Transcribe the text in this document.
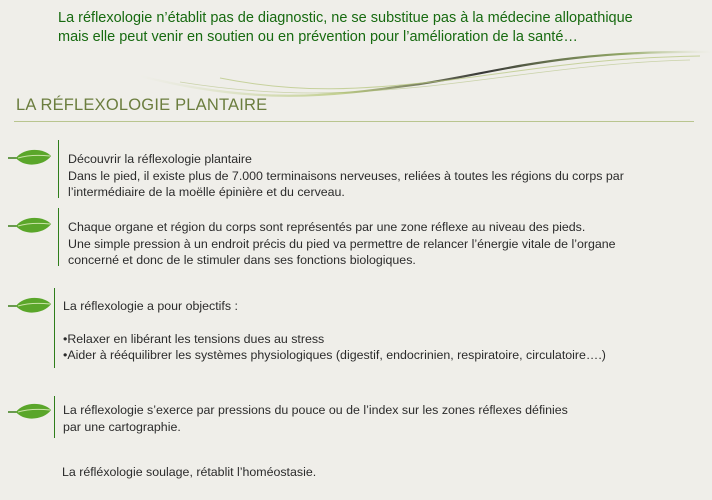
La réflexologie n’établit pas de diagnostic, ne se substitue pas à la médecine allopathique
mais elle peut venir en soutien ou en prévention pour l’amélioration de la santé…
LA RÉFLEXOLOGIE PLANTAIRE
Découvrir la réflexologie plantaire
Dans le pied, il existe plus de 7.000 terminaisons nerveuses, reliées à toutes les régions du corps par
l’intermédiaire de la moëlle épinière et du cerveau.
Chaque organe et région du corps sont représentés par une zone réflexe au niveau des pieds.
Une simple pression à un endroit précis du pied va permettre de relancer l’énergie vitale de l’organe
concerné et donc de le stimuler dans ses fonctions biologiques.
La réflexologie a pour objectifs :
•Relaxer en libérant les tensions dues au stress
•Aider à rééquilibrer les systèmes physiologiques (digestif, endocrinien, respiratoire, circulatoire….)
La réflexologie s’exerce par pressions du pouce ou de l’index sur les zones réflexes définies
par une cartographie.
La réfléxologie soulage, rétablit l’homéostasie.
